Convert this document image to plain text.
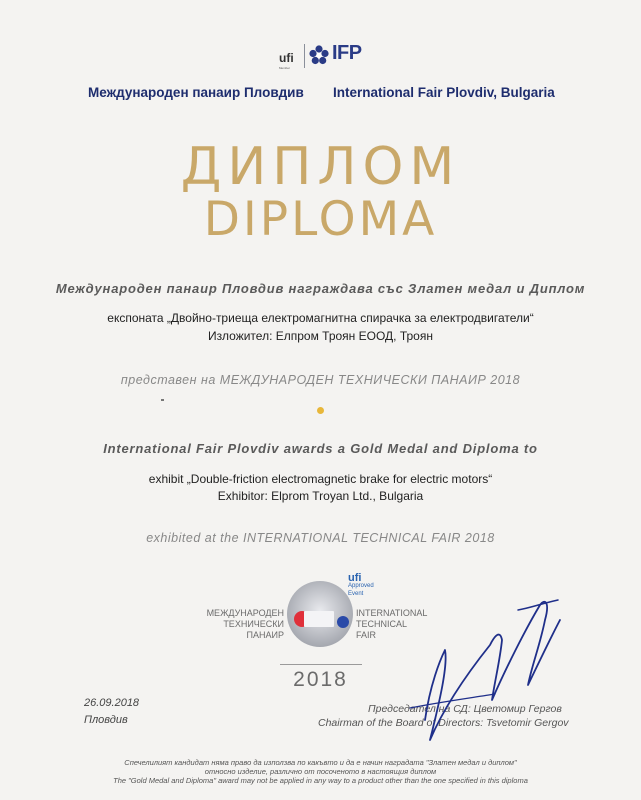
ufi
Member
IFP
Международен панаир Пловдив International Fair Plovdiv, Bulgaria
ДИПЛОМ
DIPLOMA
Международен панаир Пловдив награждава със Златен медал и Диплом
експоната „Двойно-триеща електромагнитна спирачка за електродвигатели“
Изложител: Елпром Троян ЕООД, Троян
представен на МЕЖДУНАРОДЕН ТЕХНИЧЕСКИ ПАНАИР 2018
International Fair Plovdiv awards a Gold Medal and Diploma to
exhibit „Double-friction electromagnetic brake for electric motors“
Exhibitor: Elprom Troyan Ltd., Bulgaria
exhibited at the INTERNATIONAL TECHNICAL FAIR 2018
ufi
Approved
Event
МЕЖДУНАРОДЕН
ТЕХНИЧЕСКИ
ПАНАИР
INTERNATIONAL
TECHNICAL
FAIR
2018
26.09.2018
Пловдив
Председател на СД: Цветомир Гергов
Chairman of the Board of Directors: Tsvetomir Gergov
Спечелилият кандидат няма право да използва по какъвто и да е начин наградата "Златен медал и диплом"
относно изделие, различно от посоченото в настоящия диплом
The "Gold Medal and Diploma" award may not be applied in any way to a product other than the one specified in this diploma
